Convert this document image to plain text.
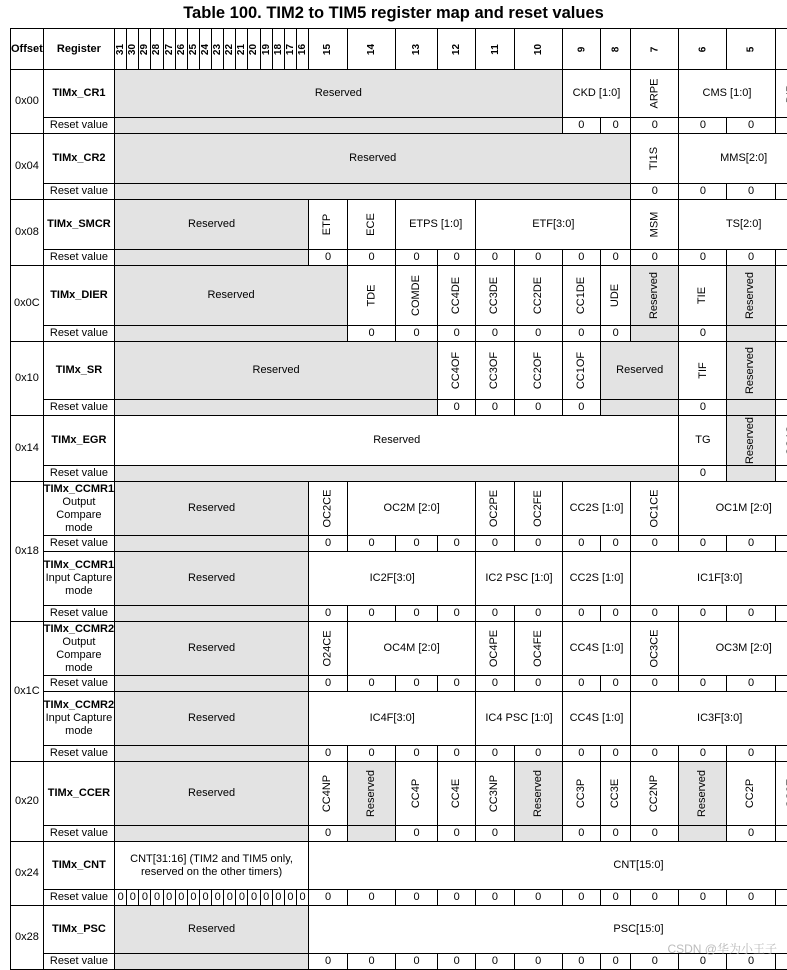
Table 100. TIM2 to TIM5 register map and reset values
Offset	Register	31	30	29	28	27	26	25	24	23	22	21	20	19	18	17	16	15	14	13	12	11	10	9	8	7	6	5					
0x00	TIMx_CR1	Reserved	CKD [1:0]	ARPE	CMS [1:0]					
Reset value		0	0	0	0	0					
0x04	TIMx_CR2	Reserved	TI1S	MMS[2:0]		
Reset value		0	0	0			
0x08	TIMx_SMCR	Reserved	ETP	ECE	ETPS [1:0]	ETF[3:0]	MSM	TS[2:0]		
Reset value		0	0	0	0	0	0	0	0	0	0	0					
0x0C	TIMx_DIER	Reserved	TDE	COMDE	CC4DE	CC3DE	CC2DE	CC1DE	UDE	Reserved	TIE	Reserved					
Reset value		0	0	0	0	0	0	0		0						
0x10	TIMx_SR	Reserved	CC4OF	CC3OF	CC2OF	CC1OF	Reserved	TIF	Reserved					
Reset value		0	0	0	0		0						
0x14	TIMx_EGR	Reserved	TG	Reserved					
Reset value		0						
0x18	TIMx_CCMR1
Output Compare mode
	Reserved	OC2CE	OC2M [2:0]	OC2PE	OC2FE	CC2S [1:0]	OC1CE	OC1M [2:0]			
Reset value		0	0	0	0	0	0	0	0	0	0	0					
TIMx_CCMR1
Input Capture mode
	Reserved	IC2F[3:0]	IC2 PSC [1:0]	CC2S [1:0]	IC1F[3:0]		
Reset value		0	0	0	0	0	0	0	0	0	0	0					
0x1C	TIMx_CCMR2
Output Compare mode
	Reserved	O24CE	OC4M [2:0]	OC4PE	OC4FE	CC4S [1:0]	OC3CE	OC3M [2:0]			
Reset value		0	0	0	0	0	0	0	0	0	0	0					
TIMx_CCMR2
Input Capture mode
	Reserved	IC4F[3:0]	IC4 PSC [1:0]	CC4S [1:0]	IC3F[3:0]		
Reset value		0	0	0	0	0	0	0	0	0	0	0					
0x20	TIMx_CCER	Reserved	CC4NP	Reserved	CC4P	CC4E	CC3NP	Reserved	CC3P	CC3E	CC2NP	Reserved	CC2P					
Reset value		0		0	0	0		0	0	0		0					
0x24	TIMx_CNT	CNT[31:16] (TIM2 and TIM5 only, reserved on the other timers)	CNT[15:0]
Reset value	0	0	0	0	0	0	0	0	0	0	0	0	0	0	0	0	0	0	0	0	0	0	0	0	0	0	0					
0x28	TIMx_PSC	Reserved	PSC[15:0]
Reset value		0	0	0	0	0	0	0	0	0	0	0					
CSDN @华为小王子
